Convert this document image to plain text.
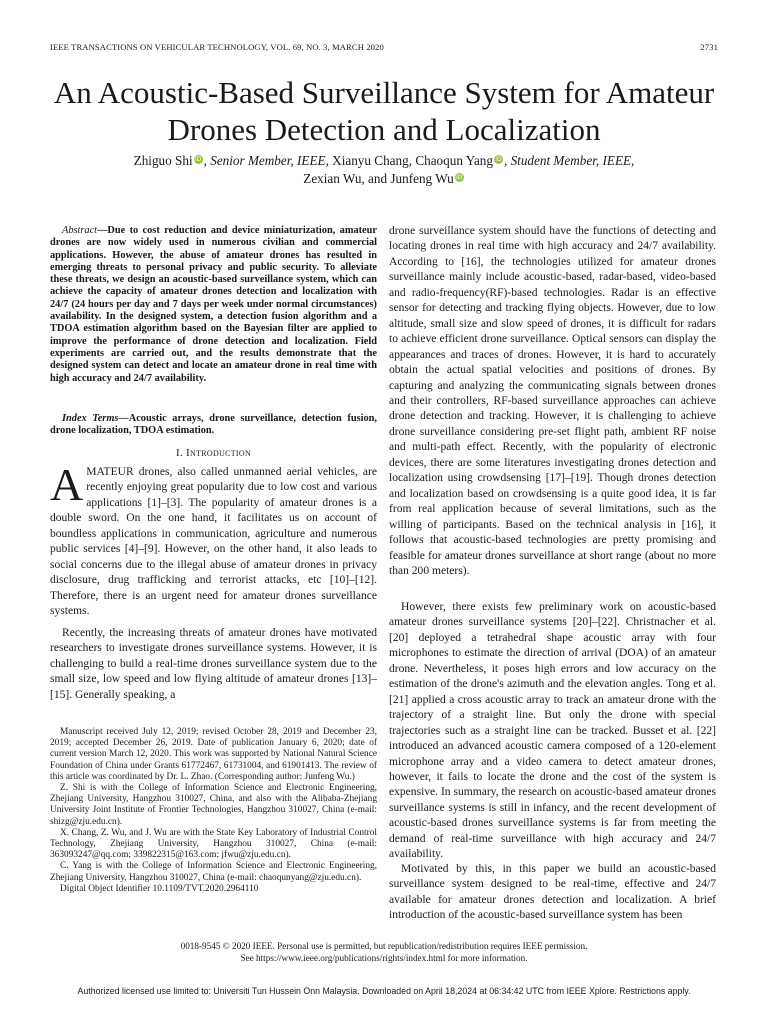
IEEE TRANSACTIONS ON VEHICULAR TECHNOLOGY, VOL. 69, NO. 3, MARCH 2020	2731
An Acoustic-Based Surveillance System for Amateur
Drones Detection and Localization
Zhiguo Shi iD , Senior Member, IEEE, Xianyu Chang, Chaoqun Yang iD , Student Member, IEEE,
Zexian Wu, and Junfeng Wu iD

Abstract—Due to cost reduction and device miniaturization, amateur drones are now widely used in numerous civilian and commercial applications. However, the abuse of amateur drones has resulted in emerging threats to personal privacy and public security. To alleviate these threats, we design an acoustic-based surveillance system, which can achieve the capacity of amateur drones detection and localization with 24/7 (24 hours per day and 7 days per week under normal circumstances) availability. In the designed system, a detection fusion algorithm and a TDOA estimation algorithm based on the Bayesian filter are applied to improve the performance of drone detection and localization. Field experiments are carried out, and the results demonstrate that the designed system can detect and locate an amateur drone in real time with high accuracy and 24/7 availability.

Index Terms—Acoustic arrays, drone surveillance, detection fusion, drone localization, TDOA estimation.

I. Introduction
AMATEUR drones, also called unmanned aerial vehicles, are recently enjoying great popularity due to low cost and various applications [1]–[3]. The popularity of amateur drones is a double sword. On the one hand, it facilitates us on account of boundless applications in communication, agriculture and numerous public services [4]–[9]. However, on the other hand, it also leads to social concerns due to the illegal abuse of amateur drones in privacy disclosure, drug trafficking and terrorist attacks, etc [10]–[12]. Therefore, there is an urgent need for amateur drones surveillance systems.

Recently, the increasing threats of amateur drones have motivated researchers to investigate drones surveillance systems. However, it is challenging to build a real-time drones surveillance system due to the small size, low speed and low flying altitude of amateur drones [13]–[15]. Generally speaking, a

Manuscript received July 12, 2019; revised October 28, 2019 and December 23, 2019; accepted December 26, 2019. Date of publication January 6, 2020; date of current version March 12, 2020. This work was supported by National Natural Science Foundation of China under Grants 61772467, 61731004, and 61901413. The review of this article was coordinated by Dr. L. Zhao. (Corresponding author: Junfeng Wu.)

Z. Shi is with the College of Information Science and Electronic Engineering, Zhejiang University, Hangzhou 310027, China, and also with the Alibaba-Zhejiang University Joint Institute of Frontier Technologies, Hangzhou 310027, China (e-mail: shizg@zju.edu.cn).

X. Chang, Z. Wu, and J. Wu are with the State Key Laboratory of Industrial Control Technology, Zhejiang University, Hangzhou 310027, China (e-mail: 363093247@qq.com; 339822315@163.com; jfwu@zju.edu.cn).

C. Yang is with the College of Information Science and Electronic Engineering, Zhejiang University, Hangzhou 310027, China (e-mail: chaoqunyang@zju.edu.cn).

Digital Object Identifier 10.1109/TVT.2020.2964110

drone surveillance system should have the functions of detecting and locating drones in real time with high accuracy and 24/7 availability. According to [16], the technologies utilized for amateur drones surveillance mainly include acoustic-based, radar-based, video-based and radio-frequency(RF)-based technologies. Radar is an effective sensor for detecting and tracking flying objects. However, due to low altitude, small size and slow speed of drones, it is difficult for radars to achieve efficient drone surveillance. Optical sensors can display the appearances and traces of drones. However, it is hard to accurately obtain the actual spatial velocities and positions of drones. By capturing and analyzing the communicating signals between drones and their controllers, RF-based surveillance approaches can achieve drone detection and tracking. However, it is challenging to achieve drone surveillance considering pre-set flight path, ambient RF noise and multi-path effect. Recently, with the popularity of electronic devices, there are some literatures investigating drones detection and localization using crowdsensing [17]–[19]. Though drones detection and localization based on crowdsensing is a quite good idea, it is far from real application because of several limitations, such as the willing of participants. Based on the technical analysis in [16], it follows that acoustic-based technologies are pretty promising and feasible for amateur drones surveillance at short range (about no more than 200 meters).

However, there exists few preliminary work on acoustic-based amateur drones surveillance systems [20]–[22]. Christnacher et al. [20] deployed a tetrahedral shape acoustic array with four microphones to estimate the direction of arrival (DOA) of an amateur drone. Nevertheless, it poses high errors and low accuracy on the estimation of the drone's azimuth and the elevation angles. Tong et al. [21] applied a cross acoustic array to track an amateur drone with the trajectory of a straight line. But only the drone with special trajectories such as a straight line can be tracked. Busset et al. [22] introduced an advanced acoustic camera composed of a 120-element microphone array and a video camera to detect amateur drones, however, it fails to locate the drone and the cost of the system is expensive. In summary, the research on acoustic-based amateur drones surveillance systems is still in infancy, and the recent development of acoustic-based drones surveillance systems is far from meeting the demand of real-time surveillance with high accuracy and 24/7 availability.

Motivated by this, in this paper we build an acoustic-based surveillance system designed to be real-time, effective and 24/7 available for amateur drones detection and localization. A brief introduction of the acoustic-based surveillance system has been

0018-9545 © 2020 IEEE. Personal use is permitted, but republication/redistribution requires IEEE permission.
See https://www.ieee.org/publications/rights/index.html for more information.
Authorized licensed use limited to: Universiti Tun Hussein Onn Malaysia. Downloaded on April 18,2024 at 06:34:42 UTC from IEEE Xplore. Restrictions apply.
